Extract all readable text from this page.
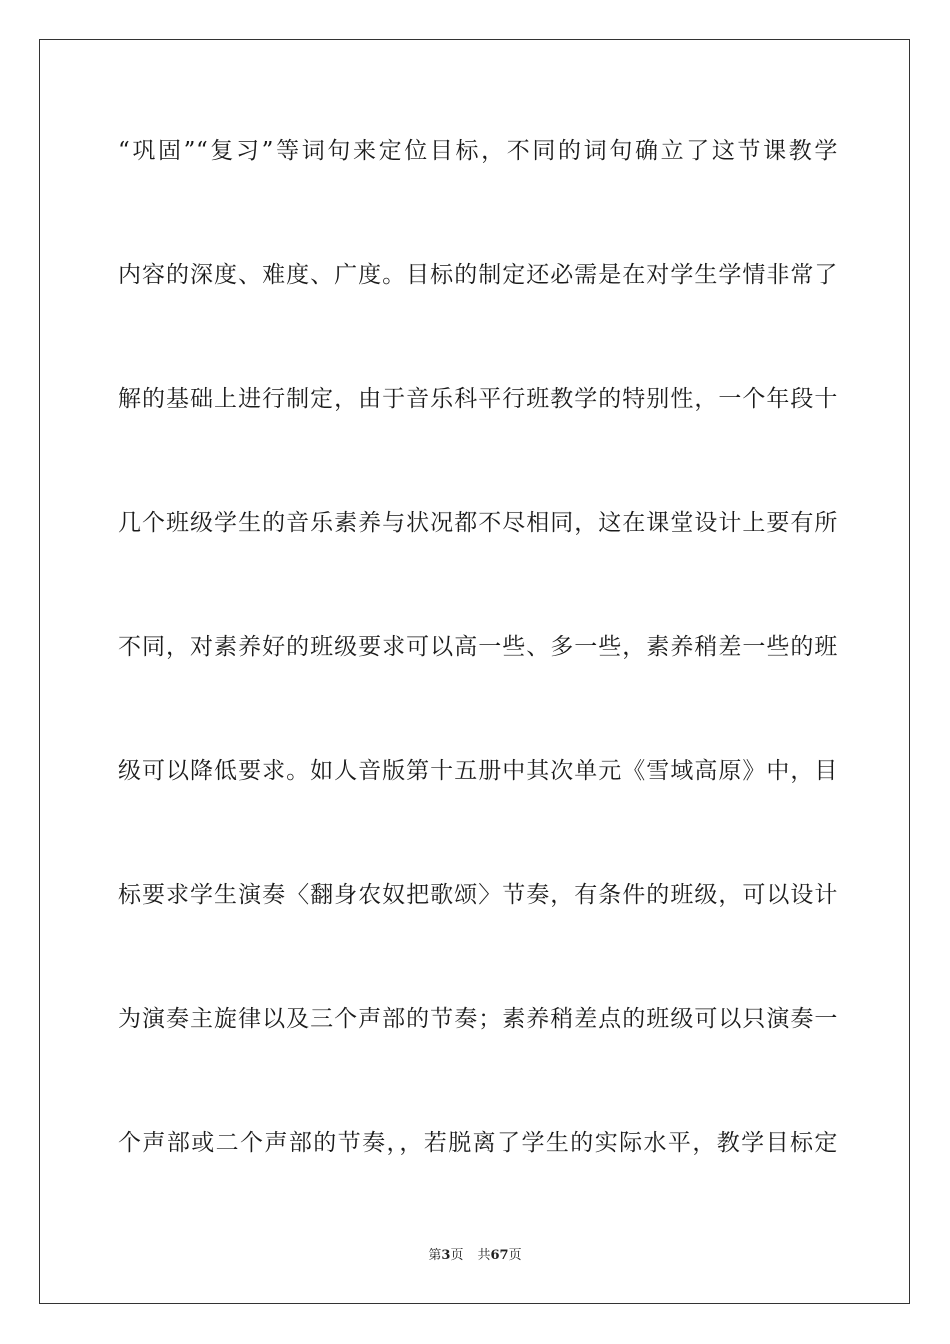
“巩固”“复习”等词句来定位目标，不同的词句确立了这节课教学
内容的深度、难度、广度。目标的制定还必需是在对学生学情非常了
解的基础上进行制定，由于音乐科平行班教学的特别性，一个年段十
几个班级学生的音乐素养与状况都不尽相同，这在课堂设计上要有所
不同，对素养好的班级要求可以高一些、多一些，素养稍差一些的班
级可以降低要求。如人音版第十五册中其次单元《雪域高原》中，目
标要求学生演奏〈翻身农奴把歌颂〉节奏，有条件的班级，可以设计
为演奏主旋律以及三个声部的节奏；素养稍差点的班级可以只演奏一
个声部或二个声部的节奏，，若脱离了学生的实际水平，教学目标定
第3页 共67页
